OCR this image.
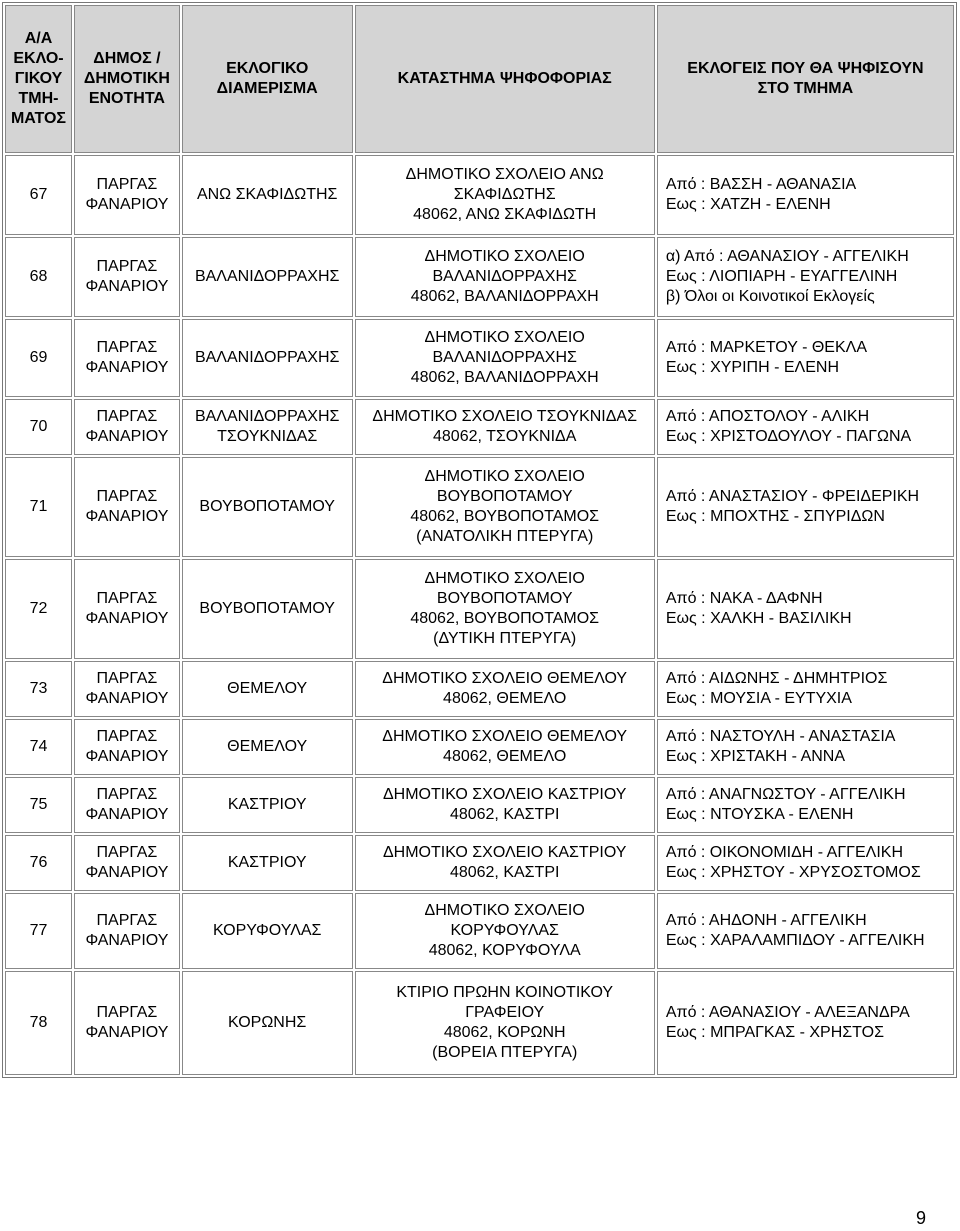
Α/Α
ΕΚΛΟ-
ΓΙΚΟΥ
ΤΜΗ-
ΜΑΤΟΣ	ΔΗΜΟΣ /
ΔΗΜΟΤΙΚΗ
ΕΝΟΤΗΤΑ	ΕΚΛΟΓΙΚΟ
ΔΙΑΜΕΡΙΣΜΑ	ΚΑΤΑΣΤΗΜΑ ΨΗΦΟΦΟΡΙΑΣ	ΕΚΛΟΓΕΙΣ ΠΟΥ ΘΑ ΨΗΦΙΣΟΥΝ
ΣΤΟ ΤΜΗΜΑ

67	ΠΑΡΓΑΣ
ΦΑΝΑΡΙΟΥ	ΑΝΩ ΣΚΑΦΙΔΩΤΗΣ	ΔΗΜΟΤΙΚΟ ΣΧΟΛΕΙΟ ΑΝΩ
ΣΚΑΦΙΔΩΤΗΣ
48062, ΑΝΩ ΣΚΑΦΙΔΩΤΗ	Από : ΒΑΣΣΗ - ΑΘΑΝΑΣΙΑ
Εως : ΧΑΤΖΗ - ΕΛΕΝΗ

68	ΠΑΡΓΑΣ
ΦΑΝΑΡΙΟΥ	ΒΑΛΑΝΙΔΟΡΡΑΧΗΣ	ΔΗΜΟΤΙΚΟ ΣΧΟΛΕΙΟ
ΒΑΛΑΝΙΔΟΡΡΑΧΗΣ
48062, ΒΑΛΑΝΙΔΟΡΡΑΧΗ	α) Από : ΑΘΑΝΑΣΙΟΥ - ΑΓΓΕΛΙΚΗ
Εως : ΛΙΟΠΙΑΡΗ - ΕΥΑΓΓΕΛΙΝΗ
β) Όλοι οι Κοινοτικοί Εκλογείς

69	ΠΑΡΓΑΣ
ΦΑΝΑΡΙΟΥ	ΒΑΛΑΝΙΔΟΡΡΑΧΗΣ	ΔΗΜΟΤΙΚΟ ΣΧΟΛΕΙΟ
ΒΑΛΑΝΙΔΟΡΡΑΧΗΣ
48062, ΒΑΛΑΝΙΔΟΡΡΑΧΗ	Από : ΜΑΡΚΕΤΟΥ - ΘΕΚΛΑ
Εως : ΧΥΡΙΠΗ - ΕΛΕΝΗ

70	ΠΑΡΓΑΣ
ΦΑΝΑΡΙΟΥ	ΒΑΛΑΝΙΔΟΡΡΑΧΗΣ
ΤΣΟΥΚΝΙΔΑΣ	ΔΗΜΟΤΙΚΟ ΣΧΟΛΕΙΟ ΤΣΟΥΚΝΙΔΑΣ
48062, ΤΣΟΥΚΝΙΔΑ	Από : ΑΠΟΣΤΟΛΟΥ - ΑΛΙΚΗ
Εως : ΧΡΙΣΤΟΔΟΥΛΟΥ - ΠΑΓΩΝΑ

71	ΠΑΡΓΑΣ
ΦΑΝΑΡΙΟΥ	ΒΟΥΒΟΠΟΤΑΜΟΥ	ΔΗΜΟΤΙΚΟ ΣΧΟΛΕΙΟ
ΒΟΥΒΟΠΟΤΑΜΟΥ
48062, ΒΟΥΒΟΠΟΤΑΜΟΣ
(ΑΝΑΤΟΛΙΚΗ ΠΤΕΡΥΓΑ)	Από : ΑΝΑΣΤΑΣΙΟΥ - ΦΡΕΙΔΕΡΙΚΗ
Εως : ΜΠΟΧΤΗΣ - ΣΠΥΡΙΔΩΝ

72	ΠΑΡΓΑΣ
ΦΑΝΑΡΙΟΥ	ΒΟΥΒΟΠΟΤΑΜΟΥ	ΔΗΜΟΤΙΚΟ ΣΧΟΛΕΙΟ
ΒΟΥΒΟΠΟΤΑΜΟΥ
48062, ΒΟΥΒΟΠΟΤΑΜΟΣ
(ΔΥΤΙΚΗ ΠΤΕΡΥΓΑ)	Από : ΝΑΚΑ - ΔΑΦΝΗ
Εως : ΧΑΛΚΗ - ΒΑΣΙΛΙΚΗ

73	ΠΑΡΓΑΣ
ΦΑΝΑΡΙΟΥ	ΘΕΜΕΛΟΥ	ΔΗΜΟΤΙΚΟ ΣΧΟΛΕΙΟ ΘΕΜΕΛΟΥ
48062, ΘΕΜΕΛΟ	Από : ΑΙΔΩΝΗΣ - ΔΗΜΗΤΡΙΟΣ
Εως : ΜΟΥΣΙΑ - ΕΥΤΥΧΙΑ

74	ΠΑΡΓΑΣ
ΦΑΝΑΡΙΟΥ	ΘΕΜΕΛΟΥ	ΔΗΜΟΤΙΚΟ ΣΧΟΛΕΙΟ ΘΕΜΕΛΟΥ
48062, ΘΕΜΕΛΟ	Από : ΝΑΣΤΟΥΛΗ - ΑΝΑΣΤΑΣΙΑ
Εως : ΧΡΙΣΤΑΚΗ - ΑΝΝΑ

75	ΠΑΡΓΑΣ
ΦΑΝΑΡΙΟΥ	ΚΑΣΤΡΙΟΥ	ΔΗΜΟΤΙΚΟ ΣΧΟΛΕΙΟ ΚΑΣΤΡΙΟΥ
48062, ΚΑΣΤΡΙ	Από : ΑΝΑΓΝΩΣΤΟΥ - ΑΓΓΕΛΙΚΗ
Εως : ΝΤΟΥΣΚΑ - ΕΛΕΝΗ

76	ΠΑΡΓΑΣ
ΦΑΝΑΡΙΟΥ	ΚΑΣΤΡΙΟΥ	ΔΗΜΟΤΙΚΟ ΣΧΟΛΕΙΟ ΚΑΣΤΡΙΟΥ
48062, ΚΑΣΤΡΙ	Από : ΟΙΚΟΝΟΜΙΔΗ - ΑΓΓΕΛΙΚΗ
Εως : ΧΡΗΣΤΟΥ - ΧΡΥΣΟΣΤΟΜΟΣ

77	ΠΑΡΓΑΣ
ΦΑΝΑΡΙΟΥ	ΚΟΡΥΦΟΥΛΑΣ	ΔΗΜΟΤΙΚΟ ΣΧΟΛΕΙΟ
ΚΟΡΥΦΟΥΛΑΣ
48062, ΚΟΡΥΦΟΥΛΑ	Από : ΑΗΔΟΝΗ - ΑΓΓΕΛΙΚΗ
Εως : ΧΑΡΑΛΑΜΠΙΔΟΥ - ΑΓΓΕΛΙΚΗ

78	ΠΑΡΓΑΣ
ΦΑΝΑΡΙΟΥ	ΚΟΡΩΝΗΣ	ΚΤΙΡΙΟ ΠΡΩΗΝ ΚΟΙΝΟΤΙΚΟΥ
ΓΡΑΦΕΙΟΥ
48062, ΚΟΡΩΝΗ
(ΒΟΡΕΙΑ ΠΤΕΡΥΓΑ)	Από : ΑΘΑΝΑΣΙΟΥ - ΑΛΕΞΑΝΔΡΑ
Εως : ΜΠΡΑΓΚΑΣ - ΧΡΗΣΤΟΣ
9
